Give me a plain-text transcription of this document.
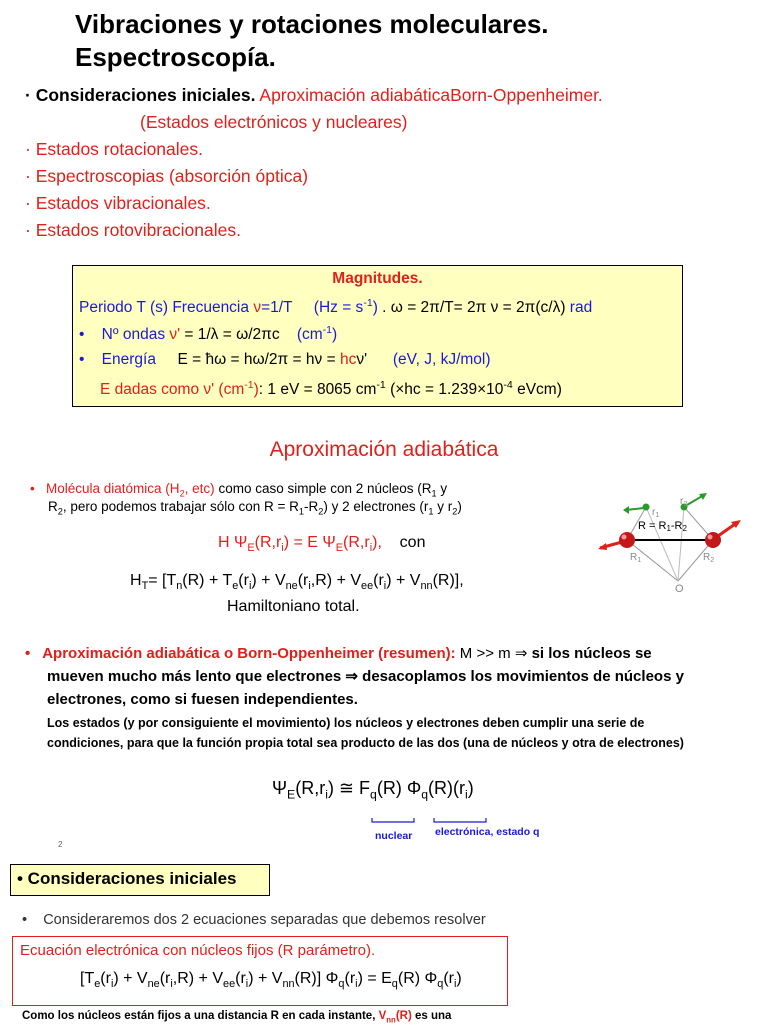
Vibraciones y rotaciones moleculares.
Espectroscopía.
· Consideraciones iniciales. Aproximación adiabáticaBorn-Oppenheimer.
(Estados electrónicos y nucleares)
· Estados rotacionales.
· Espectroscopias (absorción óptica)
· Estados vibracionales.
· Estados rotovibracionales.
Magnitudes.
Periodo T (s) Frecuencia ν=1/T $(Hz = s^{-1})$ . ω = 2π/T= 2π ν = 2π(c/λ) rad
• Nº ondas ν' = 1/λ = ω/2πc $(cm^{-1})$
• Energía E = ħω = hω/2π = hν = hcν' (eV, J, kJ/mol)
E dadas como ν' $(cm^{-1})$: 1 eV = 8065 $cm^{-1}$ ($\times hc = 1.239\times 10^{-4}$ eVcm)
Aproximación adiabática
• Molécula diatómica ($H_2$, etc) como caso simple con 2 núcleos ($R_1$ y
$R_2$, pero podemos trabajar sólo con $R = R_1-R_2$) y 2 electrones ($r_1$ y $r_2$)
H $\Psi_E(R,r_i) = E$ $\Psi_E(R,r_i)$, con
$H_T= [T_n(R) + T_e(r_i) + V_{ne}(r_i,R) + V_{ee}(r_i) + V_{nn}(R)]$,
Hamiltoniano total.
$r_1$
$r_2$
R = R1-R2
$R_1$	$R_2$
O
• Aproximación adiabática o Born-Oppenheimer (resumen): M >> m ⇒ si los núcleos se
mueven mucho más lento que electrones ⇒ desacoplamos los movimientos de núcleos y
electrones, como si fuesen independientes.
Los estados (y por consiguiente el movimiento) los núcleos y electrones deben cumplir una serie de
condiciones, para que la función propia total sea producto de las dos (una de núcleos y otra de electrones)
$\Psi_E(R,r_i)$ ≅ $F_q(R)$ $\Phi_q(R)(r_i)$
nuclear electrónica, estado q
2
• Consideraciones iniciales
• Consideraremos dos 2 ecuaciones separadas que debemos resolver
Ecuación electrónica con núcleos fijos (R parámetro).
$[T_e(r_i) + V_{ne}(r_i,R) + V_{ee}(r_i) + V_{nn}(R)] \Phi_q(r_i) = E_q(R)$ $\Phi_q(r_i)$
Como los núcleos están fijos a una distancia R en cada instante, $V_{nn}(R)$ es una
